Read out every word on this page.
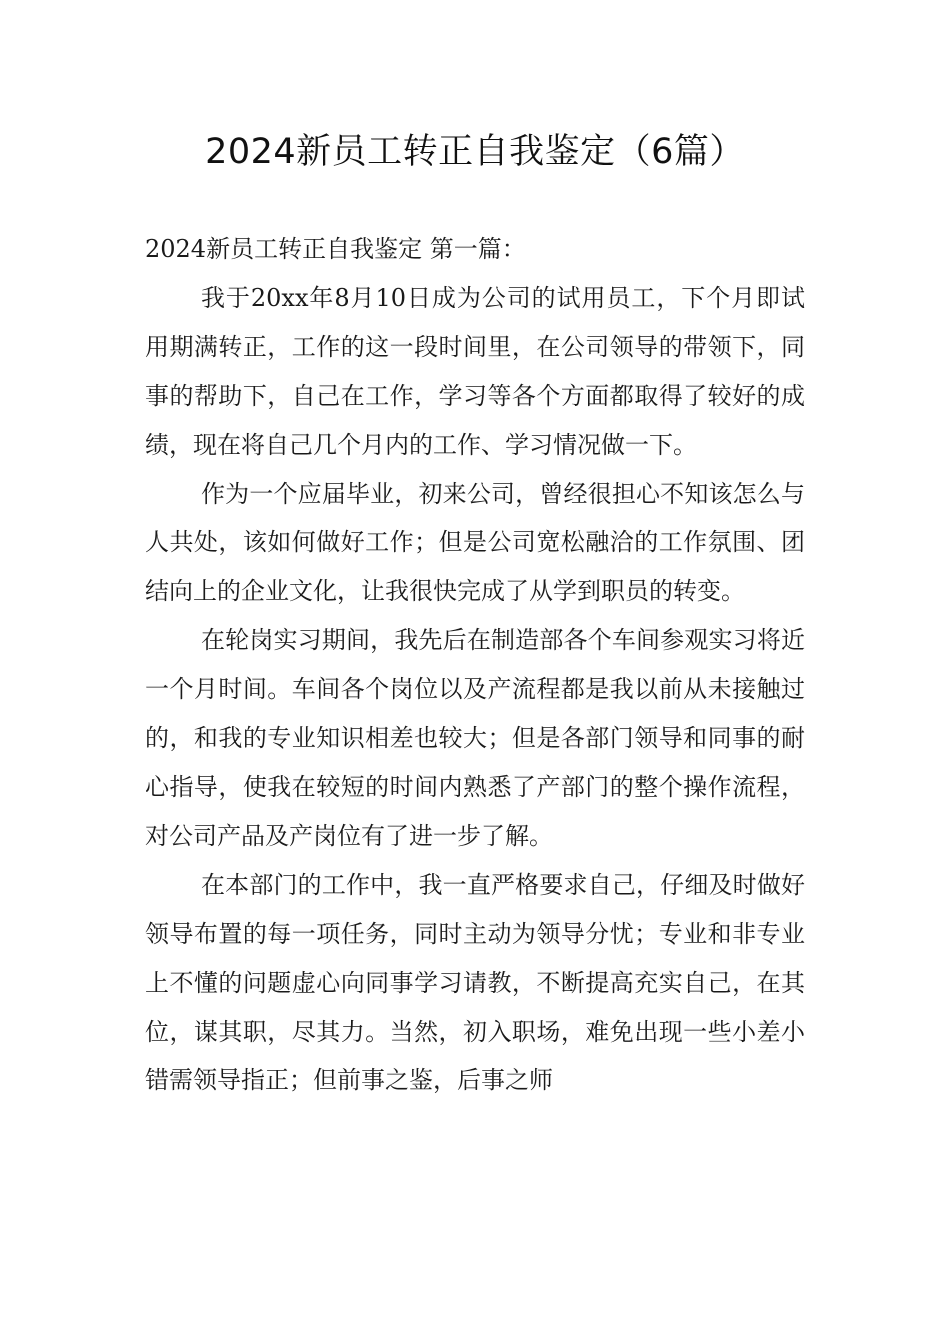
2024新员工转正自我鉴定（6篇）

2024新员工转正自我鉴定 第一篇：

我于20xx年8月10日成为公司的试用员工，下个月即试用期满转正，工作的这一段时间里，在公司领导的带领下，同事的帮助下，自己在工作，学习等各个方面都取得了较好的成绩，现在将自己几个月内的工作、学习情况做一下。

作为一个应届毕业，初来公司，曾经很担心不知该怎么与人共处，该如何做好工作；但是公司宽松融洽的工作氛围、团结向上的企业文化，让我很快完成了从学到职员的转变。

在轮岗实习期间，我先后在制造部各个车间参观实习将近一个月时间。车间各个岗位以及产流程都是我以前从未接触过的，和我的专业知识相差也较大；但是各部门领导和同事的耐心指导，使我在较短的时间内熟悉了产部门的整个操作流程，对公司产品及产岗位有了进一步了解。

在本部门的工作中，我一直严格要求自己，仔细及时做好领导布置的每一项任务，同时主动为领导分忧；专业和非专业上不懂的问题虚心向同事学习请教，不断提高充实自己，在其位，谋其职，尽其力。当然，初入职场，难免出现一些小差小错需领导指正；但前事之鉴，后事之师
